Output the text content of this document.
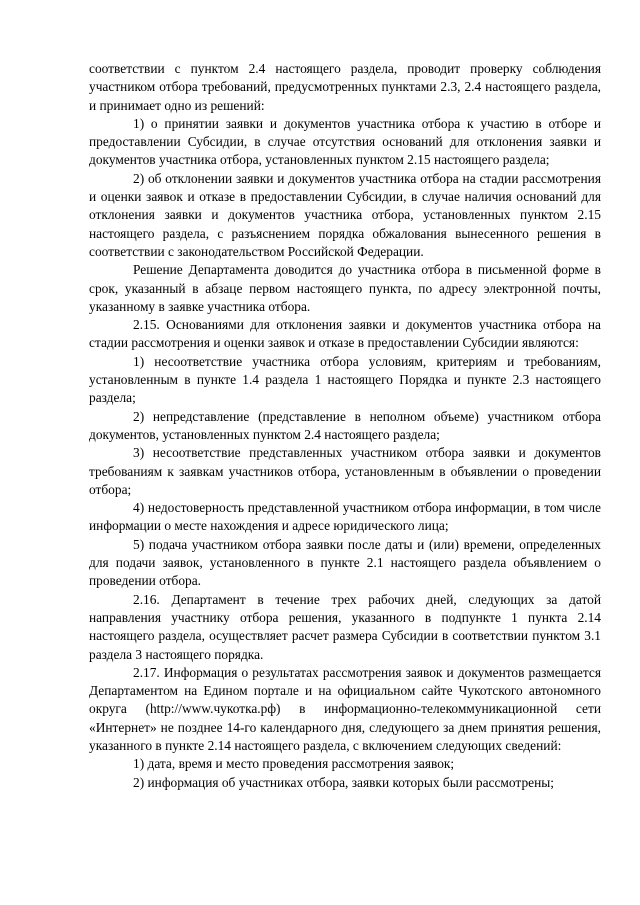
соответствии с пунктом 2.4 настоящего раздела, проводит проверку соблюдения участником отбора требований, предусмотренных пунктами 2.3, 2.4 настоящего раздела, и принимает одно из решений:

1) о принятии заявки и документов участника отбора к участию в отборе и предоставлении Субсидии, в случае отсутствия оснований для отклонения заявки и документов участника отбора, установленных пунктом 2.15 настоящего раздела;

2) об отклонении заявки и документов участника отбора на стадии рассмотрения и оценки заявок и отказе в предоставлении Субсидии, в случае наличия оснований для отклонения заявки и документов участника отбора, установленных пунктом 2.15 настоящего раздела, с разъяснением порядка обжалования вынесенного решения в соответствии с законодательством Российской Федерации.

Решение Департамента доводится до участника отбора в письменной форме в срок, указанный в абзаце первом настоящего пункта, по адресу электронной почты, указанному в заявке участника отбора.

2.15. Основаниями для отклонения заявки и документов участника отбора на стадии рассмотрения и оценки заявок и отказе в предоставлении Субсидии являются:

1) несоответствие участника отбора условиям, критериям и требованиям, установленным в пункте 1.4 раздела 1 настоящего Порядка и пункте 2.3 настоящего раздела;

2) непредставление (представление в неполном объеме) участником отбора документов, установленных пунктом 2.4 настоящего раздела;

3) несоответствие представленных участником отбора заявки и документов требованиям к заявкам участников отбора, установленным в объявлении о проведении отбора;

4) недостоверность представленной участником отбора информации, в том числе информации о месте нахождения и адресе юридического лица;

5) подача участником отбора заявки после даты и (или) времени, определенных для подачи заявок, установленного в пункте 2.1 настоящего раздела объявлением о проведении отбора.

2.16. Департамент в течение трех рабочих дней, следующих за датой направления участнику отбора решения, указанного в подпункте 1 пункта 2.14 настоящего раздела, осуществляет расчет размера Субсидии в соответствии пунктом 3.1 раздела 3 настоящего порядка.

2.17. Информация о результатах рассмотрения заявок и документов размещается Департаментом на Едином портале и на официальном сайте Чукотского автономного округа (http://www.чукотка.рф) в информационно-телекоммуникационной сети «Интернет» не позднее 14-го календарного дня, следующего за днем принятия решения, указанного в пункте 2.14 настоящего раздела, с включением следующих сведений:

1) дата, время и место проведения рассмотрения заявок;

2) информация об участниках отбора, заявки которых были рассмотрены;
